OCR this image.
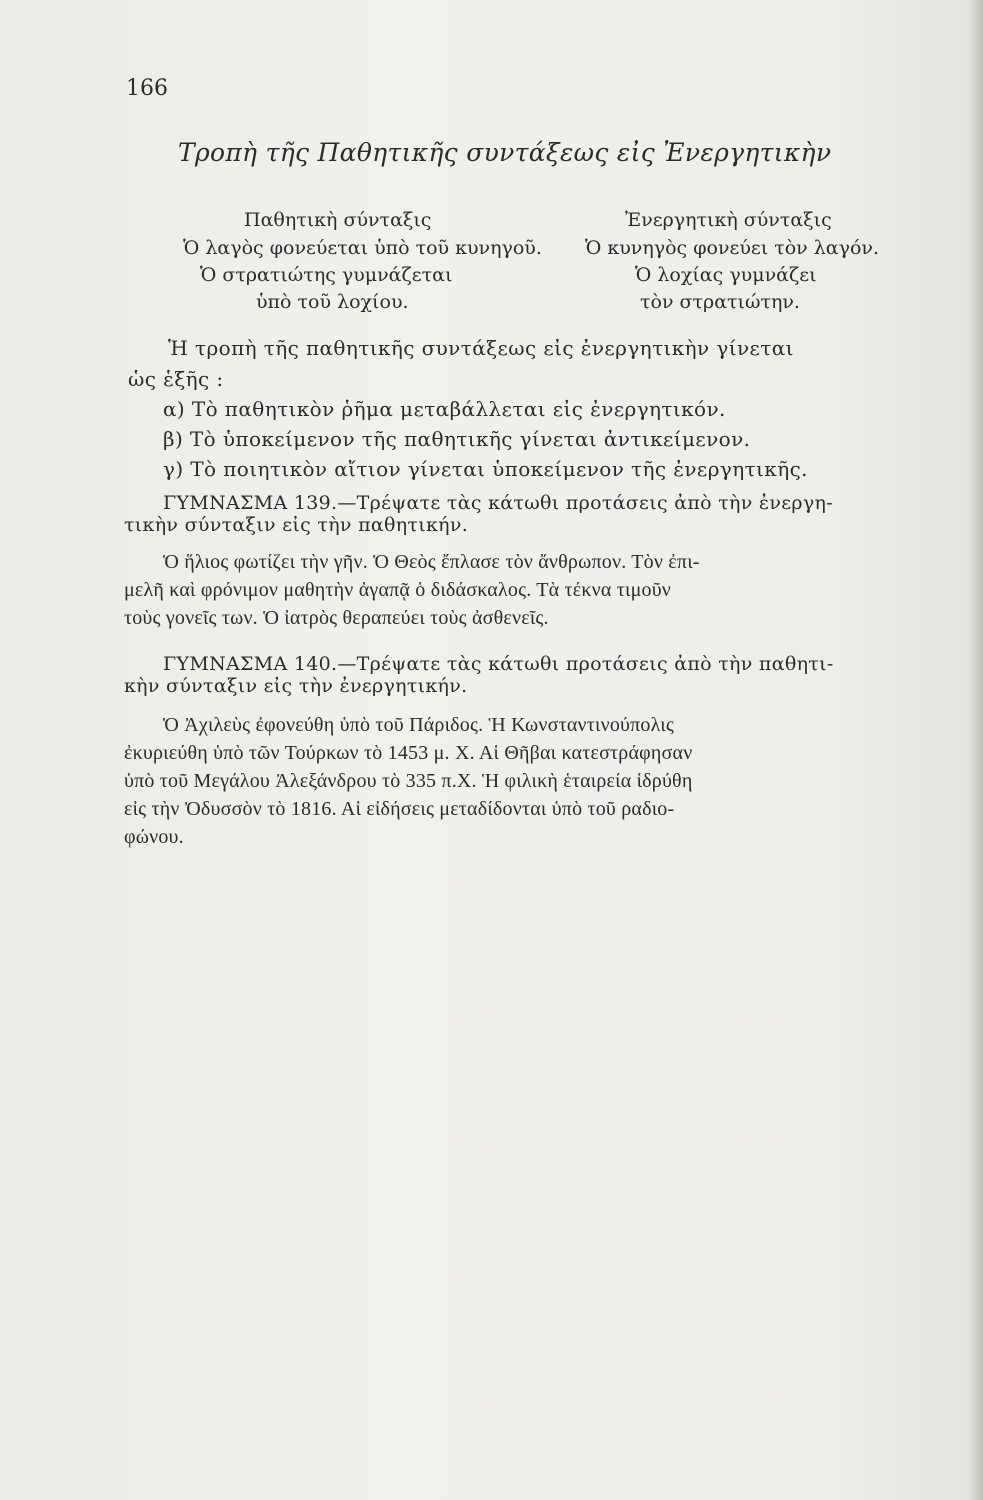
166
Τροπὴ τῆς Παθητικῆς συντάξεως εἰς Ἐνεργητικὴν
Παθητικὴ σύνταξις	Ἐνεργητικὴ σύνταξις
Ὁ λαγὸς φονεύεται ὑπὸ τοῦ κυνηγοῦ.
Ὁ στρατιώτης γυμνάζεται
ὑπὸ τοῦ λοχίου.
Ὁ κυνηγὸς φονεύει τὸν λαγόν.
Ὁ λοχίας γυμνάζει
τὸν στρατιώτην.
Ἡ τροπὴ τῆς παθητικῆς συντάξεως εἰς ἐνεργητικὴν γίνεται
ὡς ἑξῆς :
α) Τὸ παθητικὸν ῥῆμα μεταβάλλεται εἰς ἐνεργητικόν.
β) Τὸ ὑποκείμενον τῆς παθητικῆς γίνεται ἀντικείμενον.
γ) Τὸ ποιητικὸν αἴτιον γίνεται ὑποκείμενον τῆς ἐνεργητικῆς.
ΓΥΜΝΑΣΜΑ 139.—Τρέψατε τὰς κάτωθι προτάσεις ἀπὸ τὴν ἐνεργη-
τικὴν σύνταξιν εἰς τὴν παθητικήν.
Ὁ ἥλιος φωτίζει τὴν γῆν. Ὁ Θεὸς ἔπλασε τὸν ἄνθρωπον. Τὸν ἐπι-
μελῆ καὶ φρόνιμον μαθητὴν ἀγαπᾷ ὁ διδάσκαλος. Τὰ τέκνα τιμοῦν
τοὺς γονεῖς των. Ὁ ἰατρὸς θεραπεύει τοὺς ἀσθενεῖς.
ΓΥΜΝΑΣΜΑ 140.—Τρέψατε τὰς κάτωθι προτάσεις ἀπὸ τὴν παθητι-
κὴν σύνταξιν εἰς τὴν ἐνεργητικήν.
Ὁ Ἀχιλεὺς ἐφονεύθη ὑπὸ τοῦ Πάριδος. Ἡ Κωνσταντινούπολις
ἐκυριεύθη ὑπὸ τῶν Τούρκων τὸ 1453 μ. Χ. Αἱ Θῆβαι κατεστράφησαν
ὑπὸ τοῦ Μεγάλου Ἀλεξάνδρου τὸ 335 π.Χ. Ἡ φιλικὴ ἑταιρεία ἱδρύθη
εἰς τὴν Ὀδυσσὸν τὸ 1816. Αἱ εἰδήσεις μεταδίδονται ὑπὸ τοῦ ραδιο-
φώνου.
